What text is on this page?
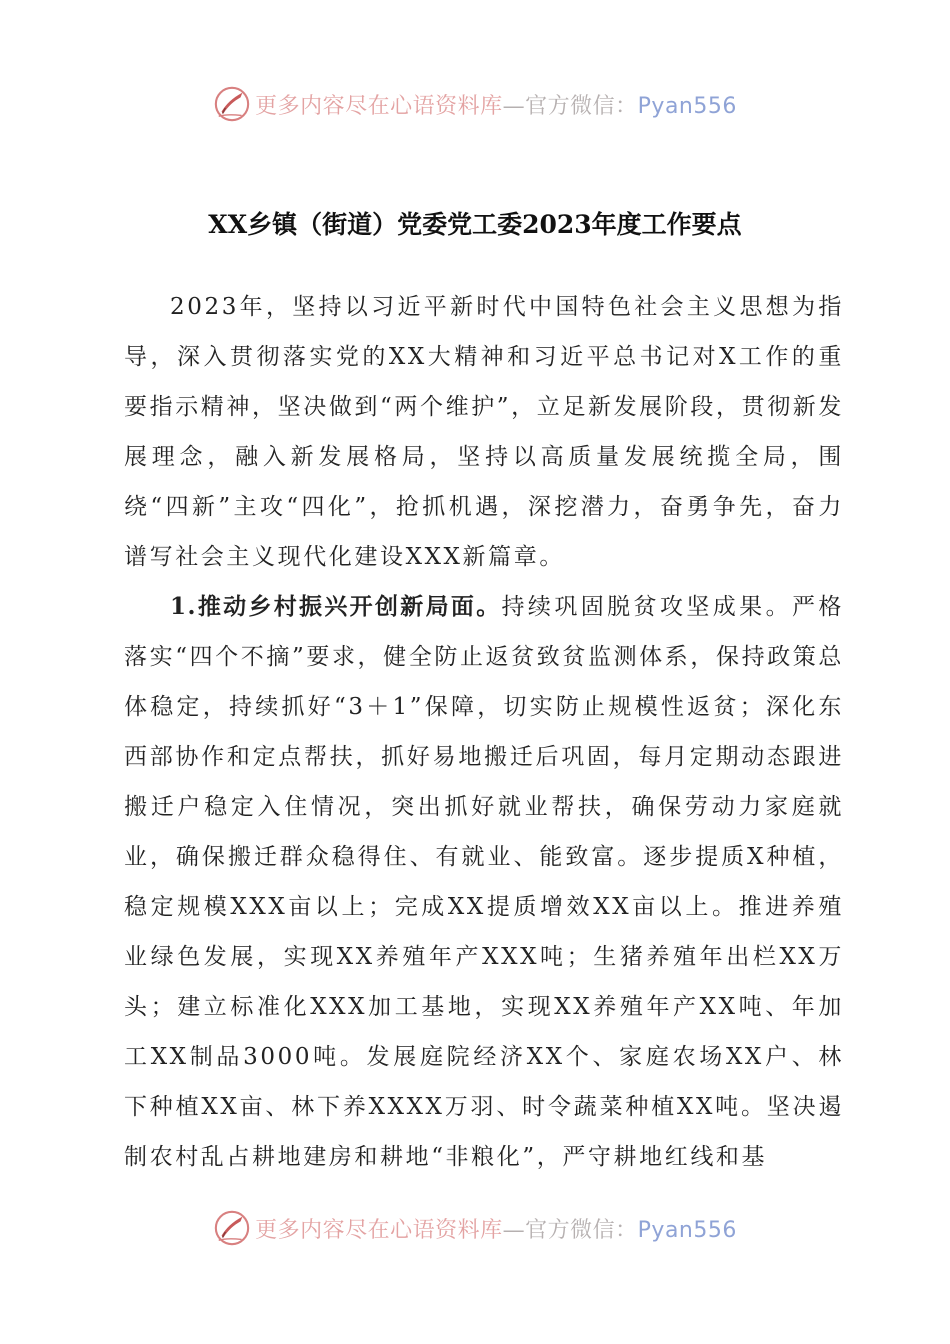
更多内容尽在心语资料库—官方微信：Pyan556
XX乡镇（街道）党委党工委2023年度工作要点

2023年，坚持以习近平新时代中国特色社会主义思想为指导，深入贯彻落实党的XX大精神和习近平总书记对X工作的重要指示精神，坚决做到“两个维护”，立足新发展阶段，贯彻新发展理念，融入新发展格局，坚持以高质量发展统揽全局，围绕“四新”主攻“四化”，抢抓机遇，深挖潜力，奋勇争先，奋力谱写社会主义现代化建设XXX新篇章。

1.推动乡村振兴开创新局面。持续巩固脱贫攻坚成果。严格落实“四个不摘”要求，健全防止返贫致贫监测体系，保持政策总体稳定，持续抓好“3＋1”保障，切实防止规模性返贫；深化东西部协作和定点帮扶，抓好易地搬迁后巩固，每月定期动态跟进搬迁户稳定入住情况，突出抓好就业帮扶，确保劳动力家庭就业，确保搬迁群众稳得住、有就业、能致富。逐步提质X种植，稳定规模XXX亩以上；完成XX提质增效XX亩以上。推进养殖业绿色发展，实现XX养殖年产XXX吨；生猪养殖年出栏XX万头；建立标准化XXX加工基地，实现XX养殖年产XX吨、年加工XX制品3000吨。发展庭院经济XX个、家庭农场XX户、林下种植XX亩、林下养XXXX万羽、时令蔬菜种植XX吨。坚决遏制农村乱占耕地建房和耕地“非粮化”，严守耕地红线和基

更多内容尽在心语资料库—官方微信：Pyan556
